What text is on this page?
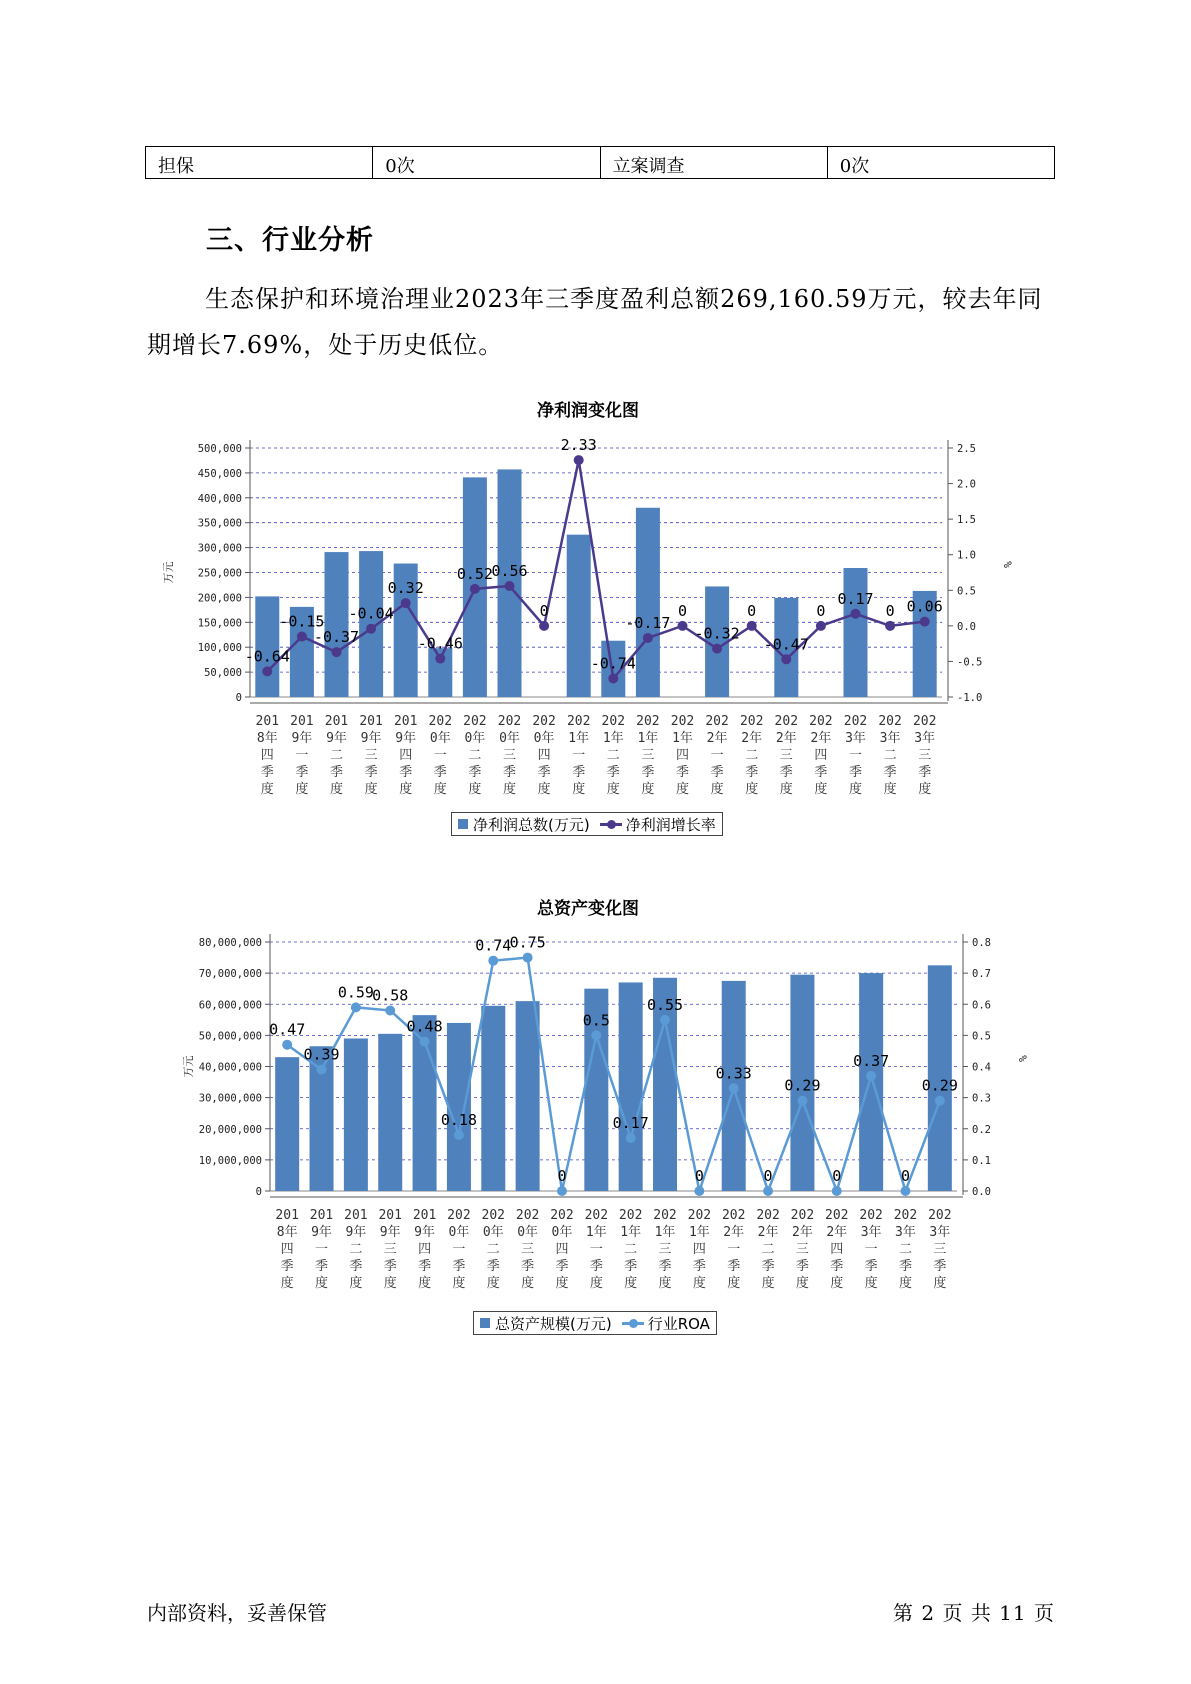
担保	0次	立案调查	0次
三、行业分析

生态保护和环境治理业2023年三季度盈利总额269,160.59万元，较去年同期增长7.69%，处于历史低位。

净利润变化图
0
50,000
100,000
150,000
200,000
250,000
300,000
350,000
400,000
450,000
500,000
-1.0
-0.5
0.0
0.5
1.0
1.5
2.0
2.5
万元	%
201
8年
四
季
度
201
9年
一
季
度
201
9年
二
季
度
201
9年
三
季
度
201
9年
四
季
度
202
0年
一
季
度
202
0年
二
季
度
202
0年
三
季
度
202
0年
四
季
度
202
1年
一
季
度
202
1年
二
季
度
202
1年
三
季
度
202
1年
四
季
度
202
2年
一
季
度
202
2年
二
季
度
202
2年
三
季
度
202
2年
四
季
度
202
3年
一
季
度
202
3年
二
季
度
202
3年
三
季
度
-0.64
-0.15
-0.37
-0.04
0.32
-0.46
0.52
0.56
0
2.33
-0.74
-0.17
0
-0.32
0
-0.47
0
0.17
0 0.06
净利润总数(万元) 净利润增长率
总资产变化图
0
10,000,000
20,000,000
30,000,000
40,000,000
50,000,000
60,000,000
70,000,000
80,000,000
0.0
0.1
0.2
0.3
0.4
0.5
0.6
0.7
0.8
万元	%
201
8年
四
季
度
201
9年
一
季
度
201
9年
二
季
度
201
9年
三
季
度
201
9年
四
季
度
202
0年
一
季
度
202
0年
二
季
度
202
0年
三
季
度
202
0年
四
季
度
202
1年
一
季
度
202
1年
二
季
度
202
1年
三
季
度
202
1年
四
季
度
202
2年
一
季
度
202
2年
二
季
度
202
2年
三
季
度
202
2年
四
季
度
202
3年
一
季
度
202
3年
二
季
度
202
3年
三
季
度
0.47
0.39
0.59
0.58
0.48
0.18
0.74
0.75
0
0.5
0.17
0.55
0
0.33
0
0.29
0
0.37
0
0.29
总资产规模(万元) 行业ROA
内部资料，妥善保管	第 2 页 共 11 页
